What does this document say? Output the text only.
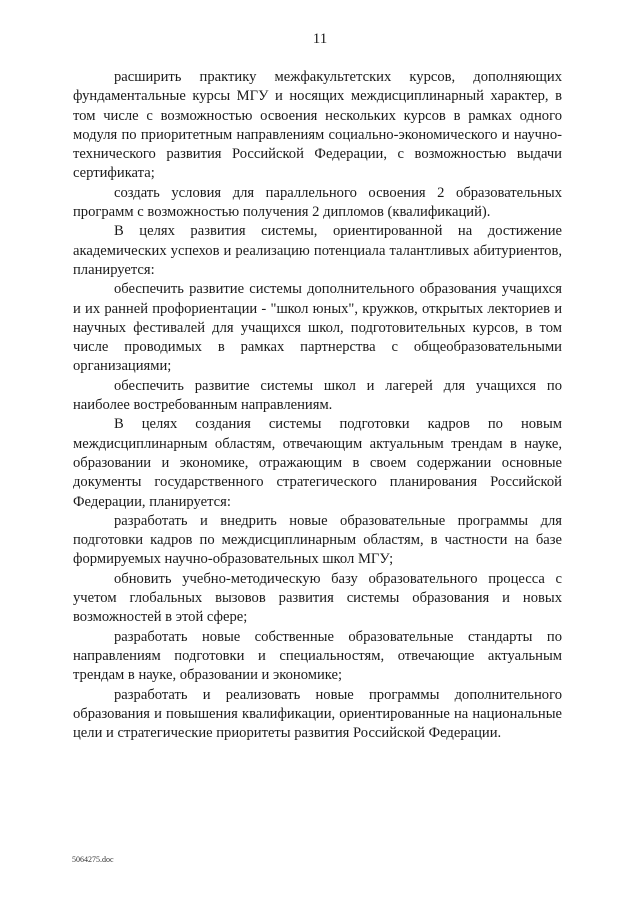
11

расширить практику межфакультетских курсов, дополняющих фундаментальные курсы МГУ и носящих междисциплинарный характер, в том числе с возможностью освоения нескольких курсов в рамках одного модуля по приоритетным направлениям социально-экономического и научно-технического развития Российской Федерации, с возможностью выдачи сертификата;

создать условия для параллельного освоения 2 образовательных программ с возможностью получения 2 дипломов (квалификаций).

В целях развития системы, ориентированной на достижение академических успехов и реализацию потенциала талантливых абитуриентов, планируется:

обеспечить развитие системы дополнительного образования учащихся и их ранней профориентации - "школ юных", кружков, открытых лекториев и научных фестивалей для учащихся школ, подготовительных курсов, в том числе проводимых в рамках партнерства с общеобразовательными организациями;

обеспечить развитие системы школ и лагерей для учащихся по наиболее востребованным направлениям.

В целях создания системы подготовки кадров по новым междисциплинарным областям, отвечающим актуальным трендам в науке, образовании и экономике, отражающим в своем содержании основные документы государственного стратегического планирования Российской Федерации, планируется:

разработать и внедрить новые образовательные программы для подготовки кадров по междисциплинарным областям, в частности на базе формируемых научно-образовательных школ МГУ;

обновить учебно-методическую базу образовательного процесса с учетом глобальных вызовов развития системы образования и новых возможностей в этой сфере;

разработать новые собственные образовательные стандарты по направлениям подготовки и специальностям, отвечающие актуальным трендам в науке, образовании и экономике;

разработать и реализовать новые программы дополнительного образования и повышения квалификации, ориентированные на национальные цели и стратегические приоритеты развития Российской Федерации.

5064275.doc
